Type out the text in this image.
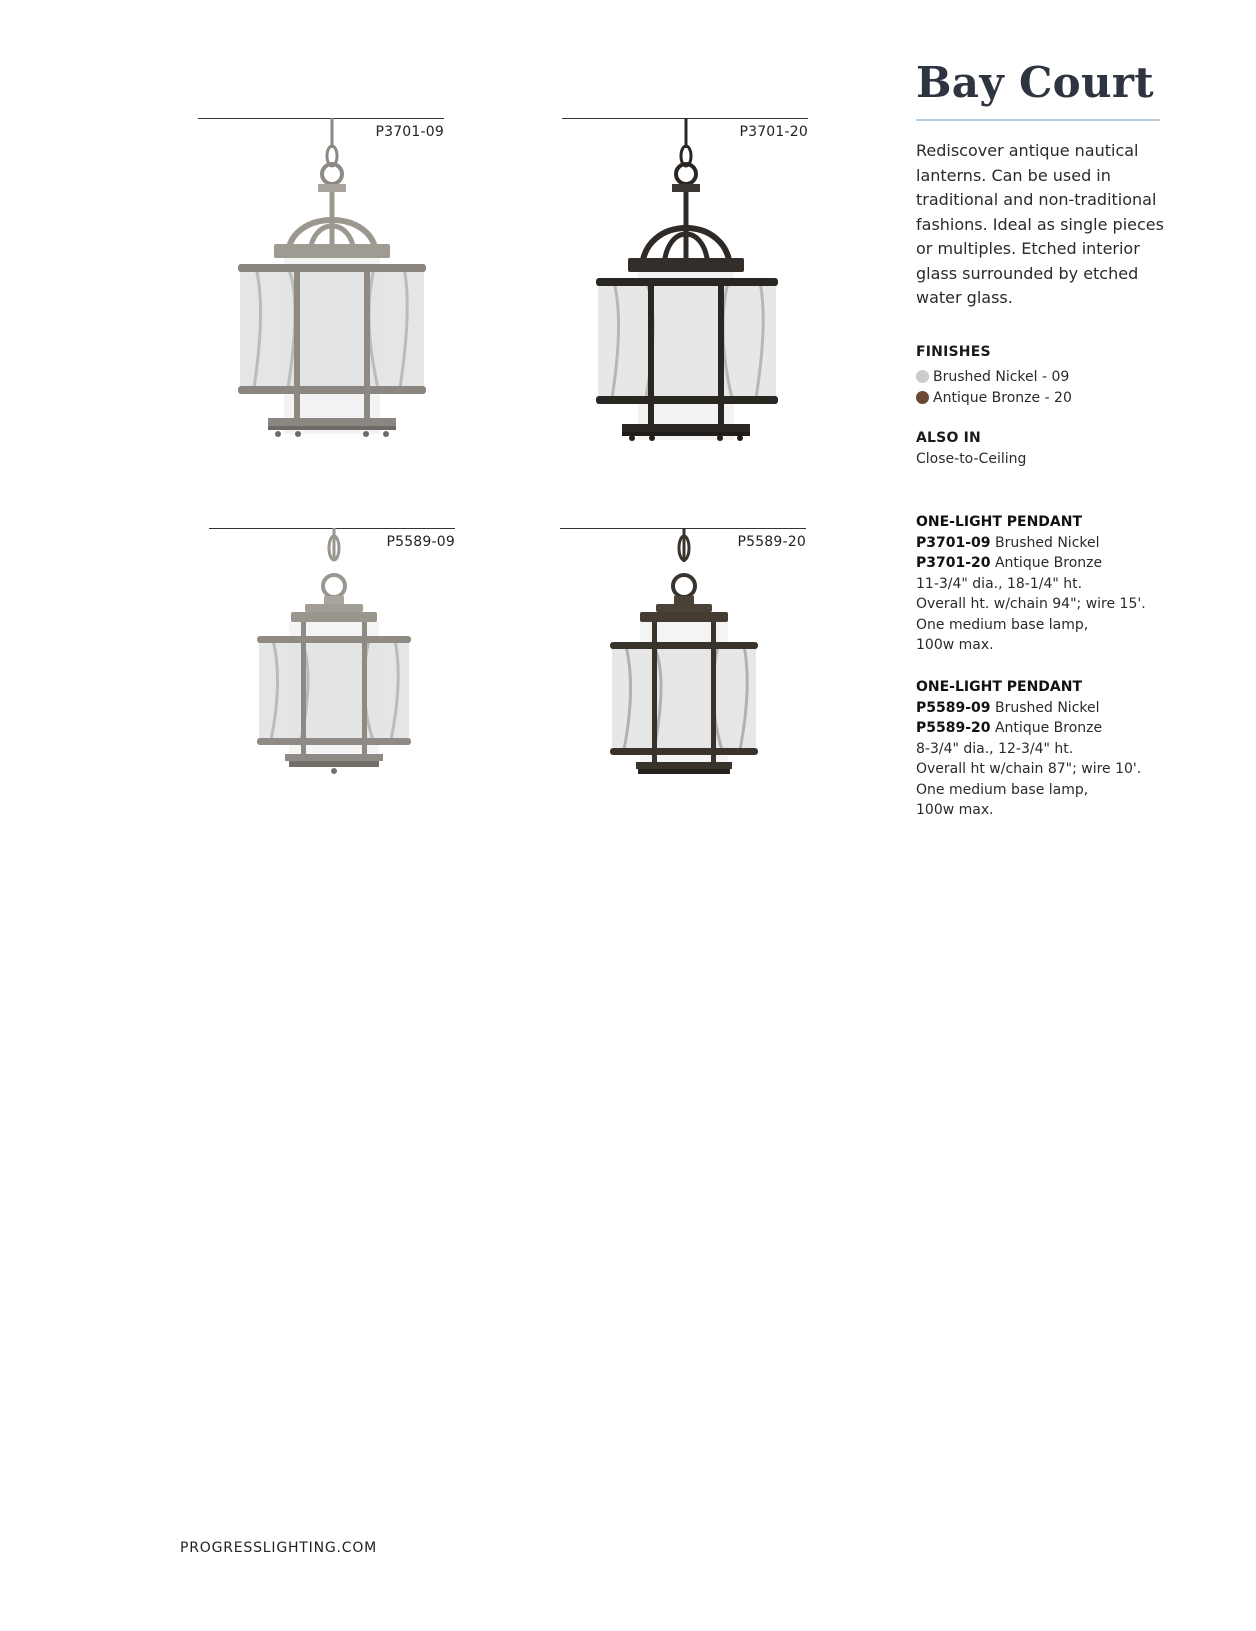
P3701-09	P3701-20
P5589-09	P5589-20
Bay Court

Rediscover antique nautical lanterns. Can be used in traditional and non-traditional fashions. Ideal as single pieces or multiples. Etched interior glass surrounded by etched water glass.

FINISHES
Brushed Nickel - 09
Antique Bronze - 20
ALSO IN
Close-to-Ceiling
ONE-LIGHT PENDANT
P3701-09 Brushed Nickel
P3701-20 Antique Bronze
11-3/4" dia., 18-1/4" ht.
Overall ht. w/chain 94"; wire 15'.
One medium base lamp,
100w max.
ONE-LIGHT PENDANT
P5589-09 Brushed Nickel
P5589-20 Antique Bronze
8-3/4" dia., 12-3/4" ht.
Overall ht w/chain 87"; wire 10'.
One medium base lamp,
100w max.
PROGRESSLIGHTING.COM
